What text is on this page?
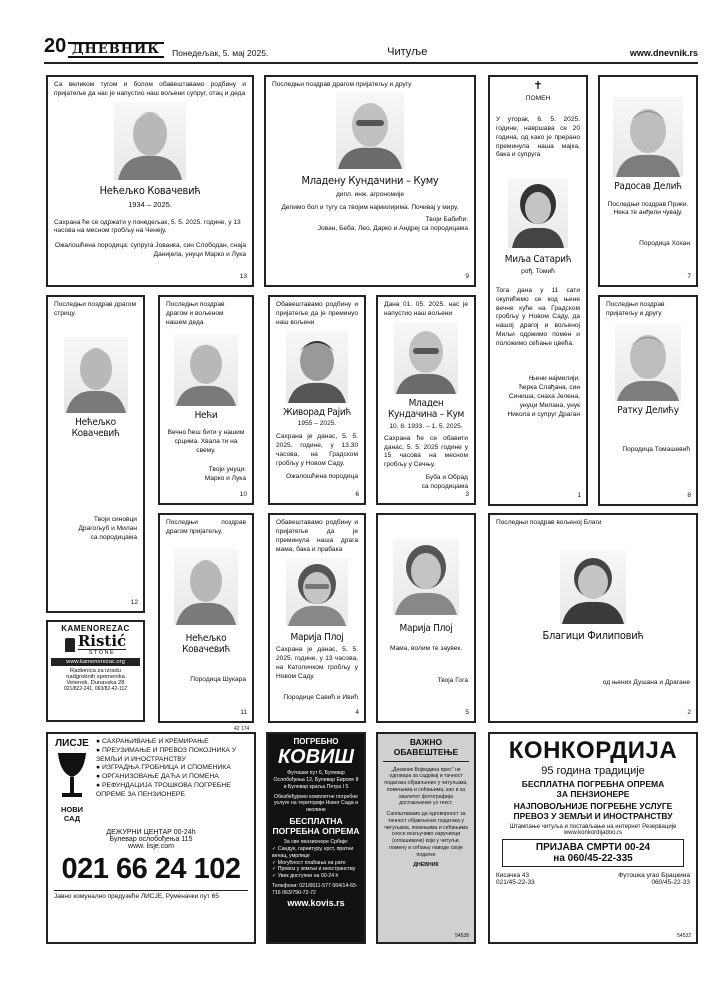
20 ДНЕВНИК	Понедељак, 5. мај 2025.	Читуље	www.dnevnik.rs
Са великом тугом и болом обавештавамо родбину и пријатеље да нас је напустио наш вољени супруг, отац и деда
Нећељко Ковачевић
1934 – 2025.
Сахрана ће се одржати у понедељак, 5. 5. 2025. године, у 13 часова на месном гробљу на Ченеју.
Ожалошћена породица: супруга Јованка, син Слободан, снаја Данијела, унуци Марко и Лука
13
Последњи поздрав драгом пријатељу и другу
Младену Кундачини – Куму
дипл. инж. агрономије
Делимо бол и тугу са твојим најмилијима. Почивај у миру.
Твоји Бабићи:
Јован, Беба, Лео, Дарко и Андреј са породицама
9
✝
ПОМЕН
У уторак, 6. 5. 2025. године, навршава се 20 година, од како је прерано преминула наша мајка, бака и супруга
Миља Сатарић
рођ. Томић
Тога дана у 11 сати окупићемо се код њене вечне куће на Градском гробљу у Новом Саду, да нашој драгој и вољеној Миљи одржимо помен и положимо сећање цвећа.
Њени најмилији:
ћерка Слађана, син Синиша, снаха Јелена, унуци Милана, унук Никола и супруг Драган
1
Радосав Делић
Последњи поздрав Прики. Нека те анђели чувају.
Породица Хохан
7
Последњи поздрав драгом стрицу.
Нећељко Ковачевић
Твоји синовци
Драгољуб и Милан
са породицама
12
Последњи поздрав драгом и вољеном нашем деда
Нећи
Вечно ћеш бити у нашим срцима. Хвала ти на свему.
Твоји унуци:
Марко и Лука
10
Обавештавамо родбину и пријатеље да је преминуо наш вољени
Живорад Рајић
1955 – 2025.
Сахрана је данас, 5. 5. 2025. године, у 13.30 часова, на Градском гробљу у Новом Саду.
Ожалошћена породица
6
Дана 01. 05. 2025. нас је напустио наш вољени
Младен Кундачина – Кум
10. 8. 1933. – 1. 5. 2025.
Сахрана ће се обавити данас, 5. 5. 2025 године у 15 часова на месном гробљу у Сечњу.
Буба и Обрад
са породицама
3
Последњи поздрав пријатељу и другу
Ратку Делићу
Породица Томашевић
8
Последњи поздрав драгом пријатељу.
Нећељко Ковачевић
Породица Шукара
11
Обавештавамо родбину и пријатеље да је преминула наша драга мама, бака и прабака
Марија Плој
Сахрана је данас, 5. 5. 2025. године, у 13 часова, на Католичком гробљу у Новом Саду.
Породице Савић и Ивић
4
Марија Плој
Мама, волим те заувек.
Твоја Гога
5
Последњи поздрав вољеној Благи
Благици Филиповић
од њених Душана и Драгане
2
KAMENOREZAC
Ristić
STONE
www.kamenorezac.org
Radionica za izradu
nadgrobnih spomenika
Veternik, Dunavska 28
021/822-241, 063/82-42-112
42 174
ЛИСЈЕ
НОВИ САД
● САХРАЊИВАЊЕ И КРЕМИРАЊЕ
● ПРЕУЗИМАЊЕ И ПРЕВОЗ ПОКОЈНИКА У ЗЕМЉИ И ИНОСТРАНСТВУ
● ИЗГРАДЊА ГРОБНИЦА И СПОМЕНИКА
● ОРГАНИЗОВАЊЕ ДАЋА И ПОМЕНА
● РЕФУНДАЦИЈА ТРОШКОВА ПОГРЕБНЕ ОПРЕМЕ ЗА ПЕНЗИОНЕРЕ
ДЕЖУРНИ ЦЕНТАР 00-24h
Булевар ослобођења 115
www. lisje.com
021 66 24 102
Јавно комунално предузеће ЛИСЈЕ, Руменачки пут 65
ПОГРЕБНО
КОВИШ
Футошки пут 6, Булевар Ослобођења 12, Булевар Европе 8 и Булевар краља Петра I 5
Обезбеђујемо комплетне погребне услуге на територији Новог Сада и околине
БЕСПЛАТНА ПОГРЕБНА ОПРЕМА
За све пензионере Србије:
✓ Сандук, гарнитуру, крст, пратни венац, умрлице
✓ Могућност плаћања на рате
✓ Превоз у земљи и иностранству
✓ Увек доступни на 00-24 h
Телефони: 021/6611-577 064/14-65-716 063/790-72-72
www.kovis.rs
ВАЖНО ОБАВЕШТЕЊЕ
„Дневник Војводина прес” не одговара за садржај и тачност података објављених у читуљама, помењима и сећањима, као и за квалитет фотографија достављених уз текст.
Саопштавамо да одговорност за тачност објављених података у читуљама, помењима и сећањима сносе искључиво наручиоци (оглашивачи) који у читуљи, помену и сећању наводе своје податке
ДНЕВНИК
54538
КОНКОРДИЈА
95 година традиције
БЕСПЛАТНА ПОГРЕБНА ОПРЕМА
ЗА ПЕНЗИОНЕРЕ
НАЈПОВОЉНИЈЕ ПОГРЕБНЕ УСЛУГЕ
ПРЕВОЗ У ЗЕМЉИ И ИНОСТРАНСТВУ
Штампање читуља и постављање на интернет Резервације www.konkordijadoo.rs
ПРИЈАВА СМРТИ 00-24
на 060/45-22-335
Кисачка 43
021/45-22-33
Футошка угао Брацкина
060/45-22-33
54532
